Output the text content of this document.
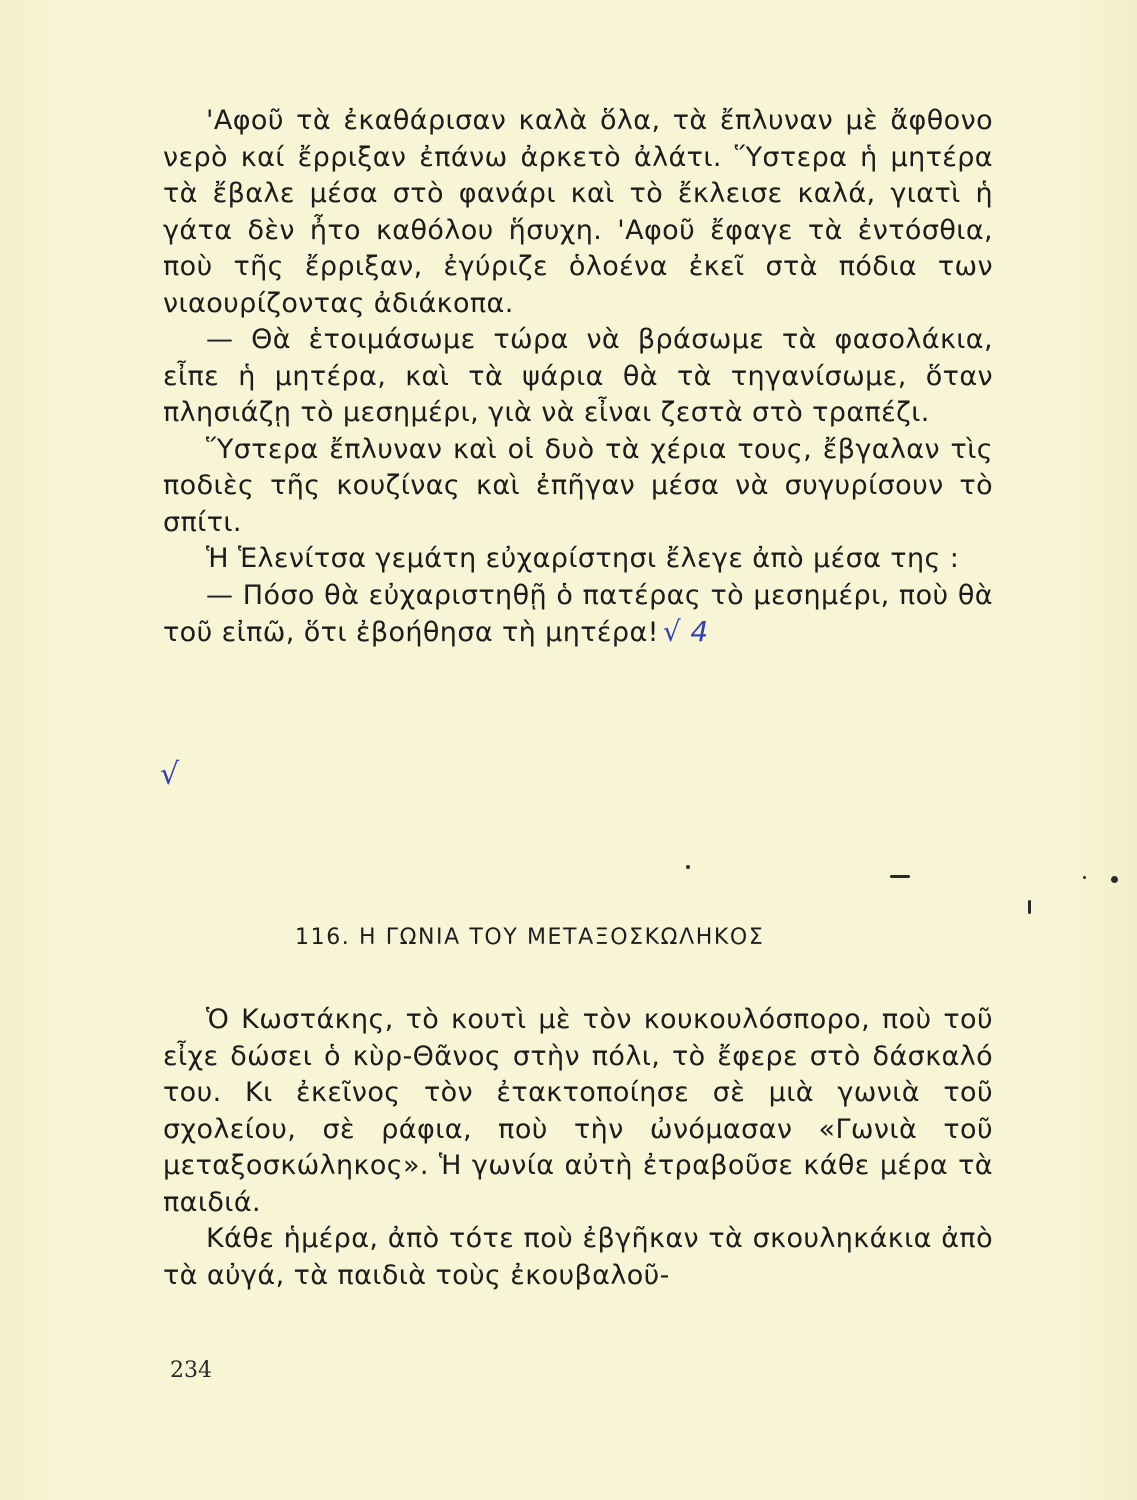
'Αφοῦ τὰ ἐκαθάρισαν καλὰ ὅλα, τὰ ἔπλυναν μὲ ἄφθονο νερὸ καί ἔρριξαν ἐπάνω ἀρκετὸ ἀλάτι. Ὕστερα ἡ μητέρα τὰ ἔβαλε μέσα στὸ φανάρι καὶ τὸ ἔκλεισε καλά, γιατὶ ἡ γάτα δὲν ἦτο καθόλου ἥσυχη. 'Αφοῦ ἔφαγε τὰ ἐντόσθια, ποὺ τῆς ἔρριξαν, ἐγύριζε ὁλοένα ἐκεῖ στὰ πόδια των νιαουρίζοντας ἀδιάκοπα.

— Θὰ ἑτοιμάσωμε τώρα νὰ βράσωμε τὰ φασολάκια, εἶπε ἡ μητέρα, καὶ τὰ ψάρια θὰ τὰ τηγανίσωμε, ὅταν πλησιάζῃ τὸ μεσημέρι, γιὰ νὰ εἶναι ζεστὰ στὸ τραπέζι.

Ὕστερα ἔπλυναν καὶ οἱ δυὸ τὰ χέρια τους, ἔβγαλαν τὶς ποδιὲς τῆς κουζίνας καὶ ἐπῆγαν μέσα νὰ συγυρίσουν τὸ σπίτι.

Ἡ Ἑλενίτσα γεμάτη εὐχαρίστησι ἔλεγε ἀπὸ μέσα της :

— Πόσο θὰ εὐχαριστηθῇ ὁ πατέρας τὸ μεσημέρι, ποὺ θὰ τοῦ εἰπῶ, ὅτι ἐβοήθησα τὴ μητέρα! √ 4

√
116. Η ΓΩΝΙΑ ΤΟΥ ΜΕΤΑΞΟΣΚΩΛΗΚΟΣ

Ὁ Κωστάκης, τὸ κουτὶ μὲ τὸν κουκουλόσπορο, ποὺ τοῦ εἶχε δώσει ὁ κὺρ-Θᾶνος στὴν πόλι, τὸ ἔφερε στὸ δάσκαλό του. Κι ἐκεῖνος τὸν ἐτακτοποίησε σὲ μιὰ γωνιὰ τοῦ σχολείου, σὲ ράφια, ποὺ τὴν ὠνόμασαν «Γωνιὰ τοῦ μεταξοσκώληκος». Ἡ γωνία αὐτὴ ἐτραβοῦσε κάθε μέρα τὰ παιδιά.

Κάθε ἡμέρα, ἀπὸ τότε ποὺ ἐβγῆκαν τὰ σκουληκάκια ἀπὸ τὰ αὐγά, τὰ παιδιὰ τοὺς ἐκουβαλοῦ-

234
